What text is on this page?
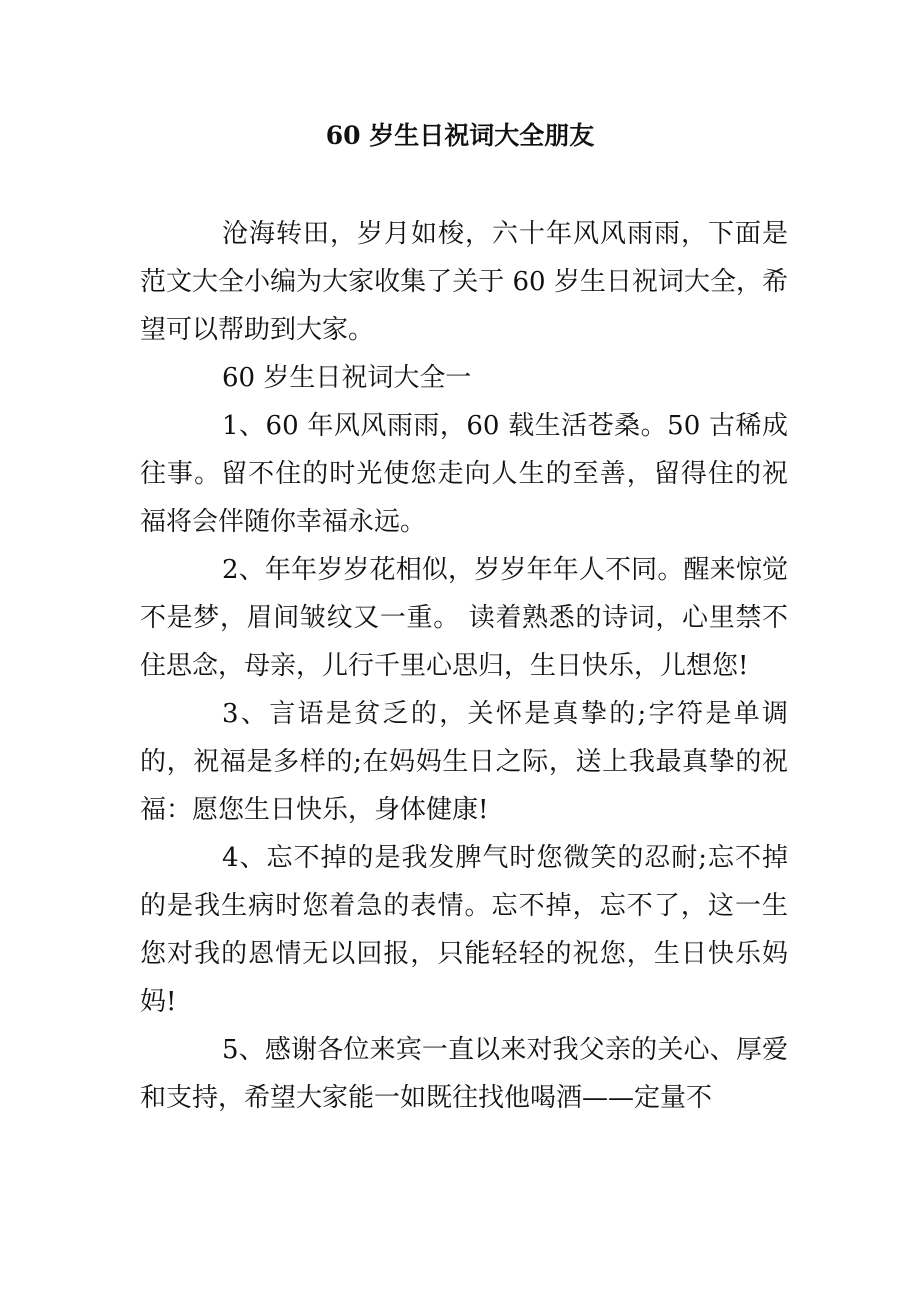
60 岁生日祝词大全朋友

沧海转田，岁月如梭，六十年风风雨雨，下面是范文大全小编为大家收集了关于 60 岁生日祝词大全，希望可以帮助到大家。

60 岁生日祝词大全一

1、60 年风风雨雨，60 载生活苍桑。50 古稀成往事。留不住的时光使您走向人生的至善，留得住的祝福将会伴随你幸福永远。

2、年年岁岁花相似，岁岁年年人不同。醒来惊觉不是梦，眉间皱纹又一重。 读着熟悉的诗词，心里禁不住思念，母亲，儿行千里心思归，生日快乐，儿想您!

3、言语是贫乏的，关怀是真挚的;字符是单调的，祝福是多样的;在妈妈生日之际，送上我最真挚的祝福：愿您生日快乐，身体健康!

4、忘不掉的是我发脾气时您微笑的忍耐;忘不掉的是我生病时您着急的表情。忘不掉，忘不了，这一生您对我的恩情无以回报，只能轻轻的祝您，生日快乐妈妈!

5、感谢各位来宾一直以来对我父亲的关心、厚爱和支持，希望大家能一如既往找他喝酒——定量不
